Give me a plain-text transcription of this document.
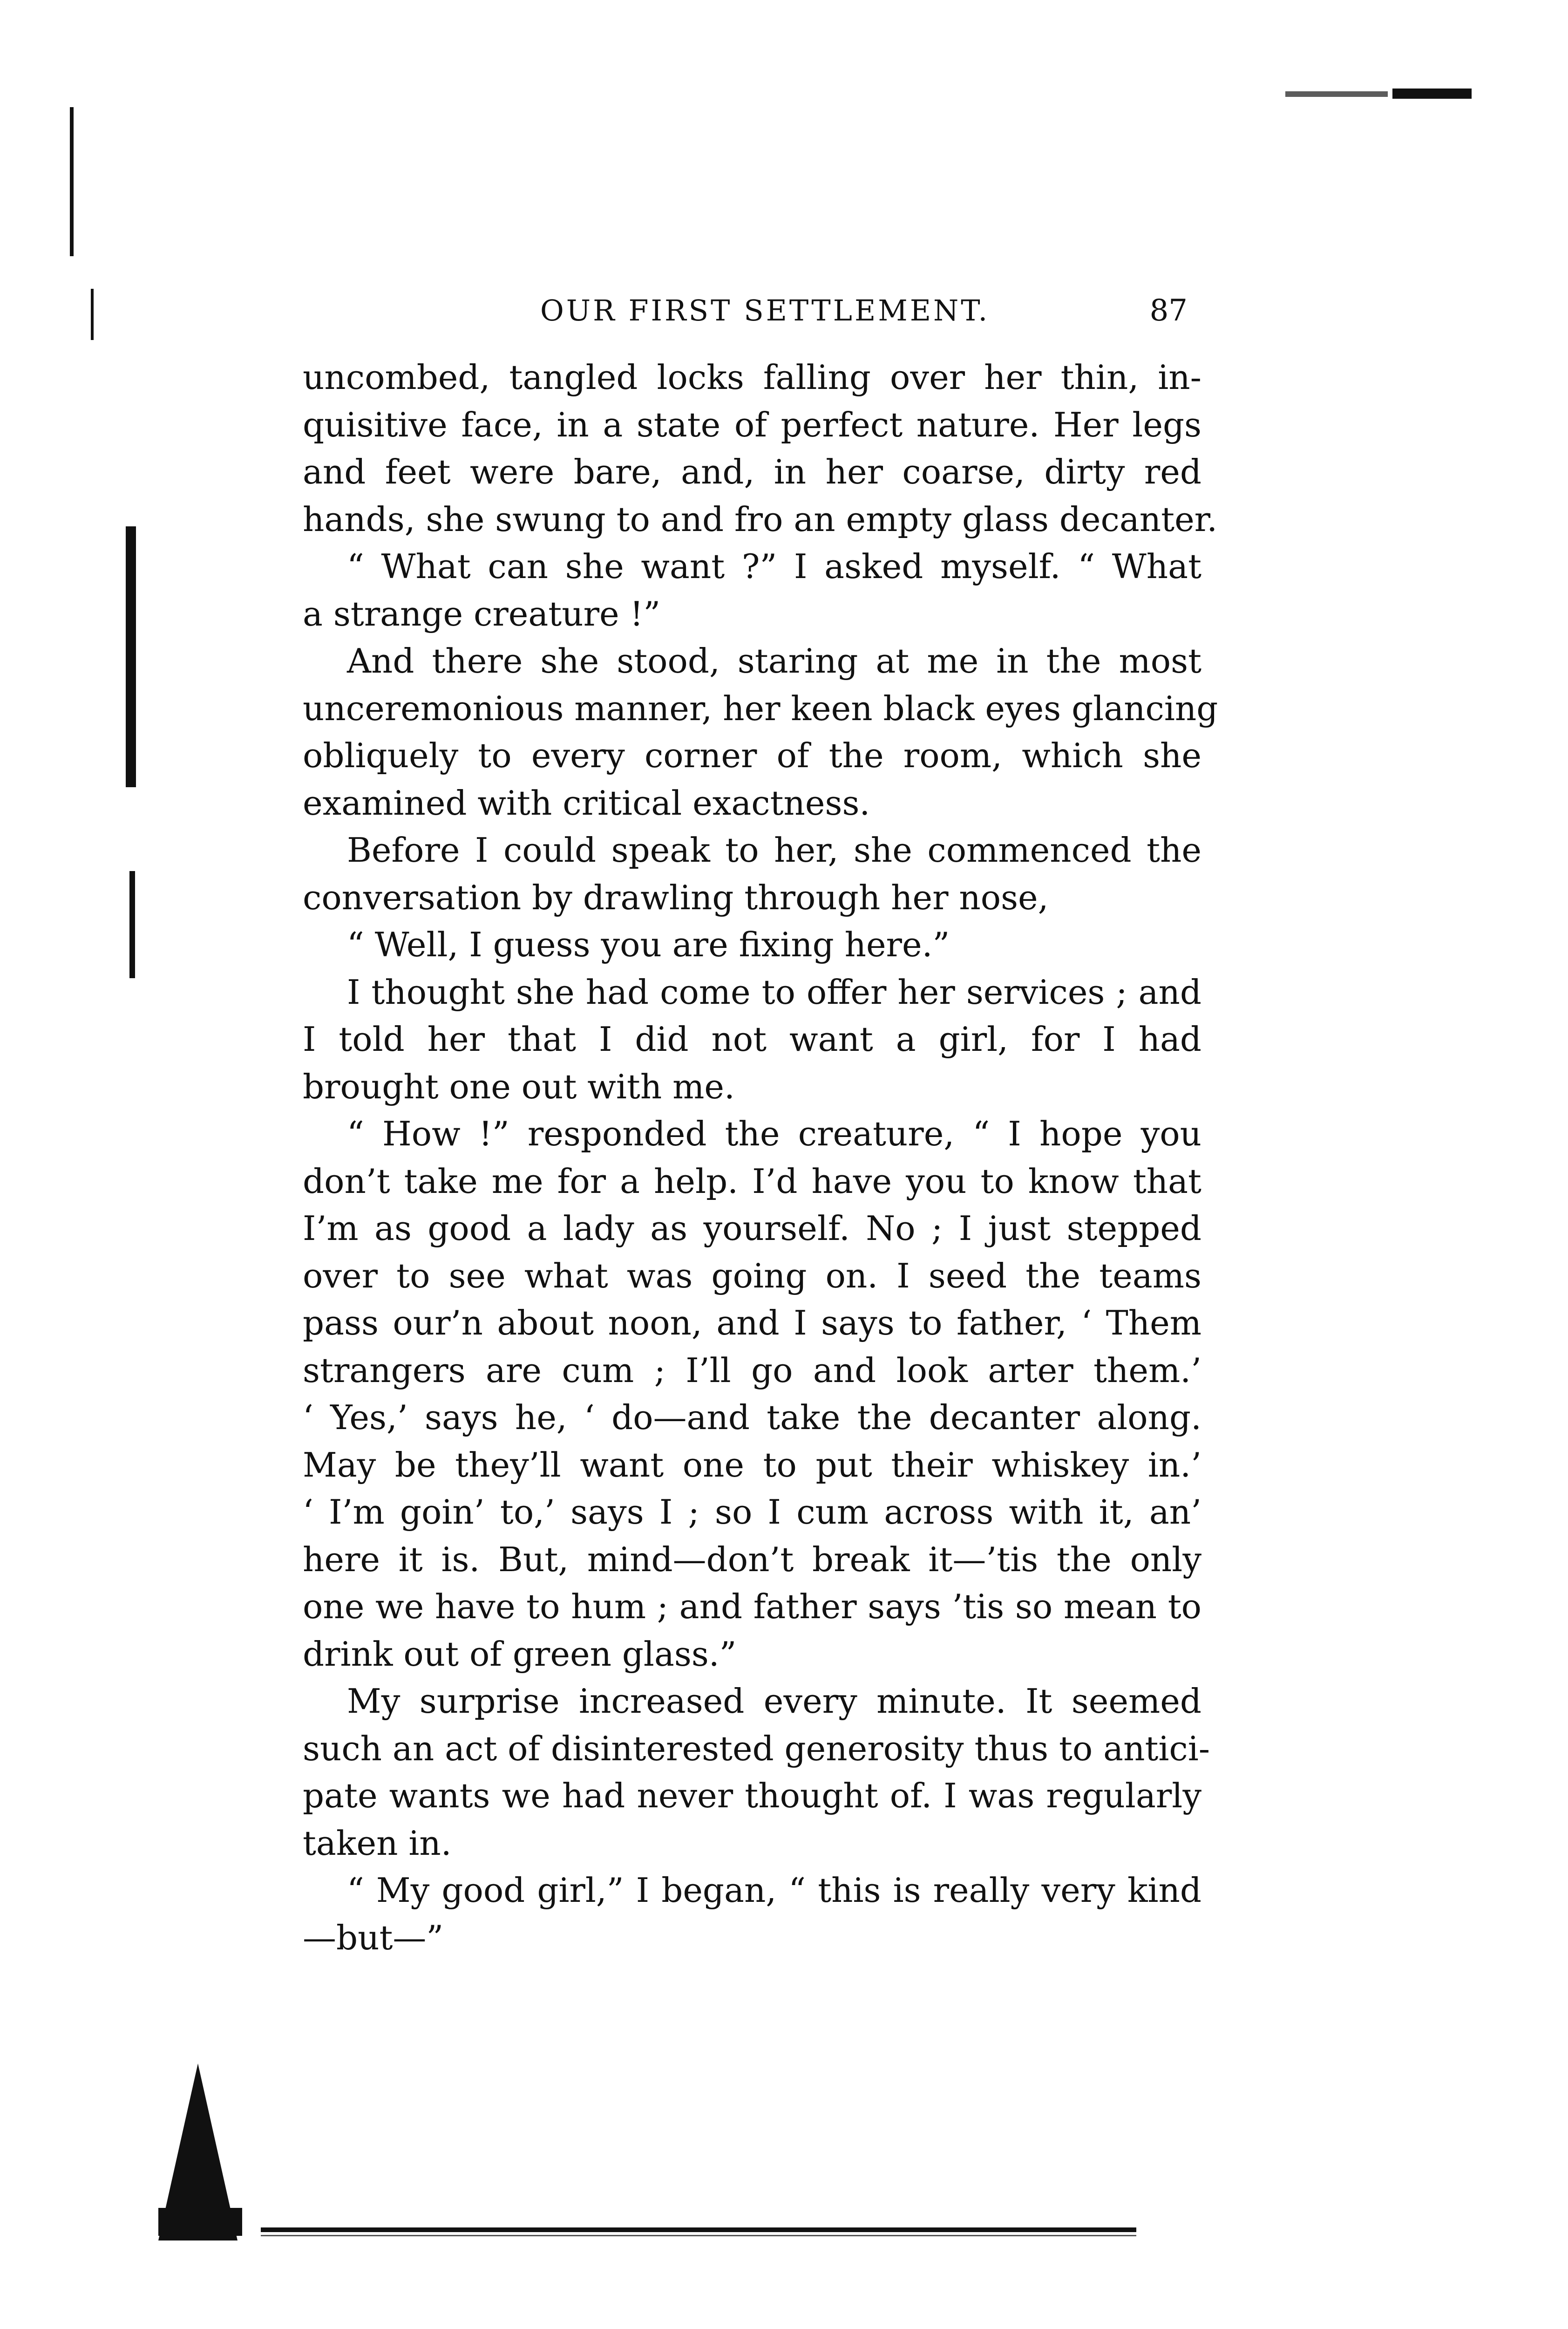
OUR FIRST SETTLEMENT.	87
uncombed, tangled locks falling over her thin, in-
quisitive face, in a state of perfect nature. Her legs
and feet were bare, and, in her coarse, dirty red
hands, she swung to and fro an empty glass decanter.
“ What can she want ?” I asked myself. “ What
a strange creature !”
And there she stood, staring at me in the most
unceremonious manner, her keen black eyes glancing
obliquely to every corner of the room, which she
examined with critical exactness.
Before I could speak to her, she commenced the
conversation by drawling through her nose,
“ Well, I guess you are fixing here.”
I thought she had come to offer her services ; and
I told her that I did not want a girl, for I had
brought one out with me.
“ How !” responded the creature, “ I hope you
don’t take me for a help. I’d have you to know that
I’m as good a lady as yourself. No ; I just stepped
over to see what was going on. I seed the teams
pass our’n about noon, and I says to father, ‘ Them
strangers are cum ; I’ll go and look arter them.’
‘ Yes,’ says he, ‘ do—and take the decanter along.
May be they’ll want one to put their whiskey in.’
‘ I’m goin’ to,’ says I ; so I cum across with it, an’
here it is. But, mind—don’t break it—’tis the only
one we have to hum ; and father says ’tis so mean to
drink out of green glass.”
My surprise increased every minute. It seemed
such an act of disinterested generosity thus to antici-
pate wants we had never thought of. I was regularly
taken in.
“ My good girl,” I began, “ this is really very kind
—but—”
